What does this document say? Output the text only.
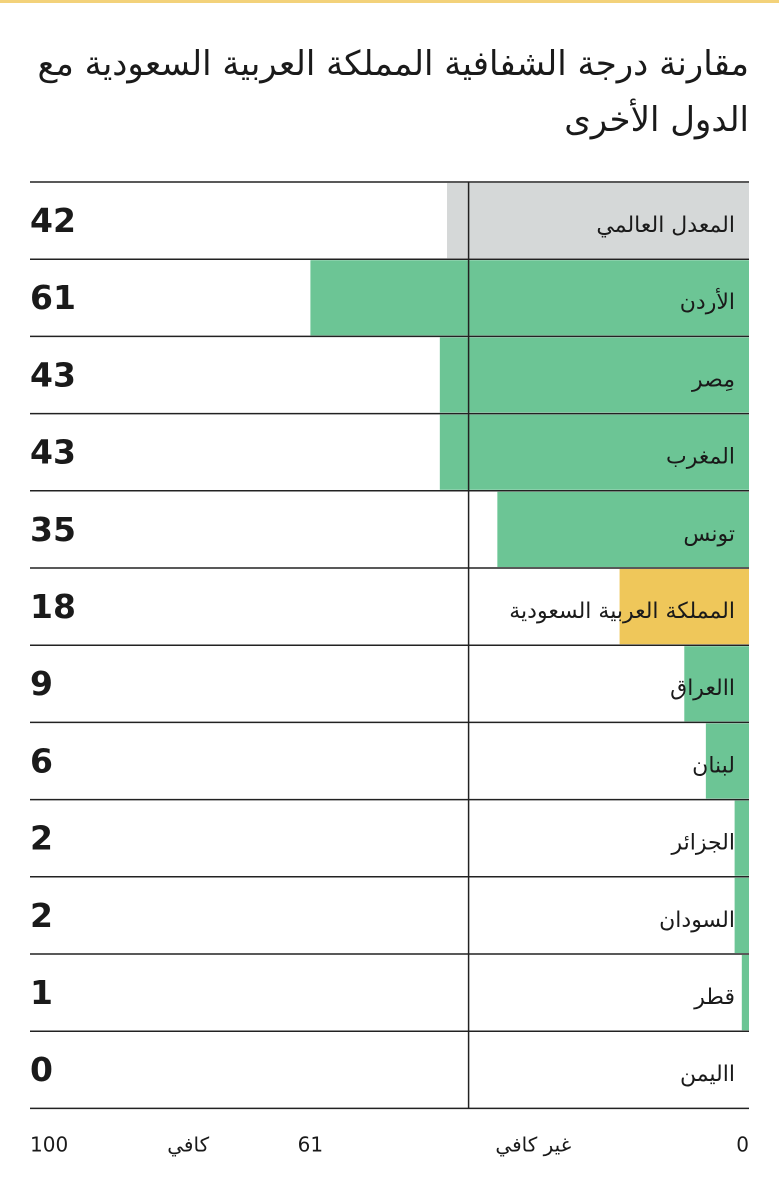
مقارنة درجة الشفافية المملكة العربية السعودية مع الدول الأخرى
المعدل العالمي
42
الأردن
61
مِصر
43
المغرب
43
تونس
35
المملكة العربية السعودية
18
االعراق
9
لبنان
6
الجزائر
2
السودان
2
قطر
1
االيمن
0
0
غير كافي
61
كافي
100
